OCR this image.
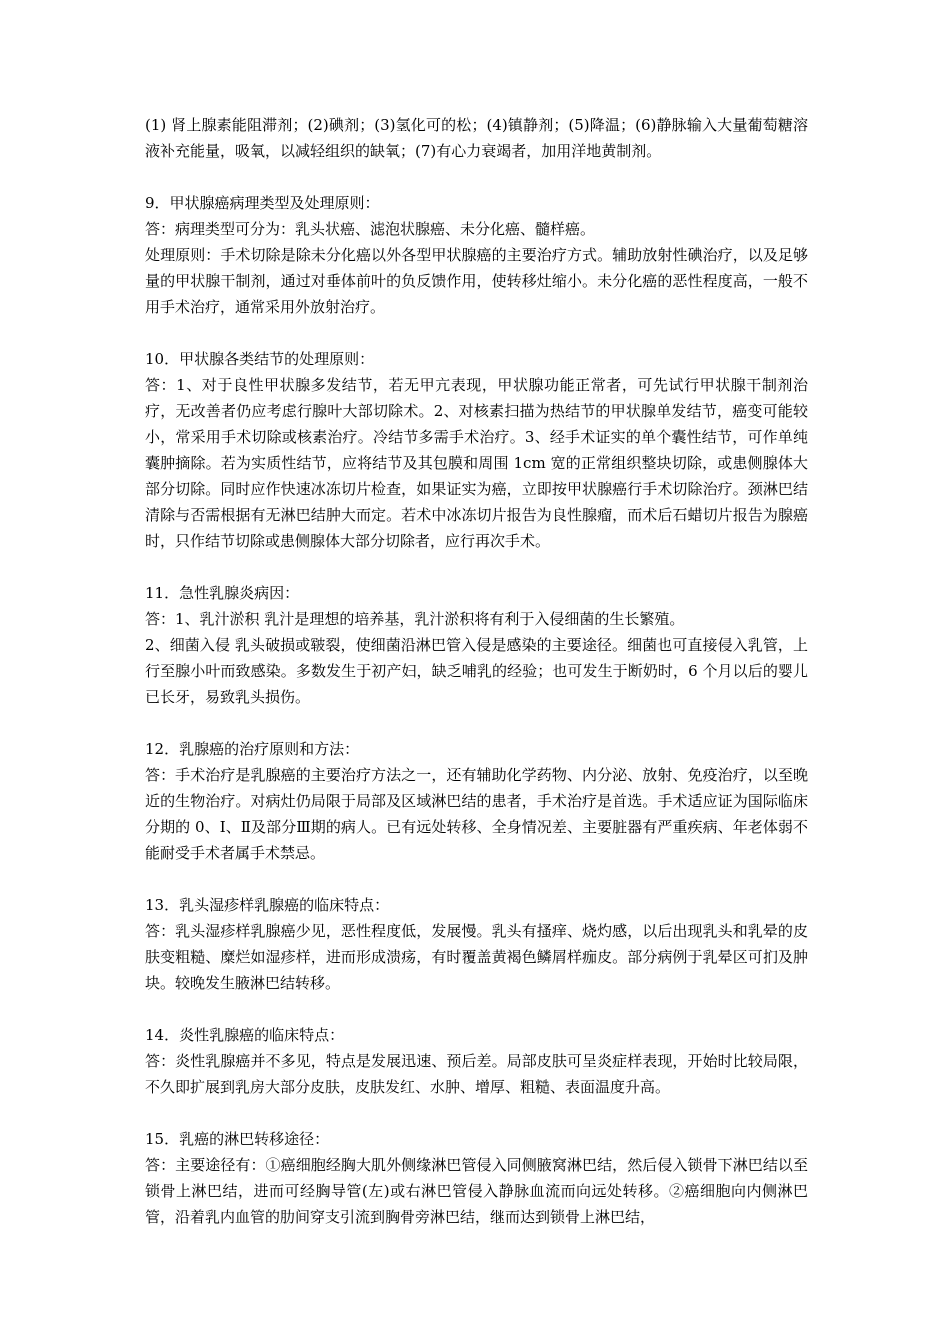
(1) 肾上腺素能阻滞剂；(2)碘剂；(3)氢化可的松；(4)镇静剂；(5)降温；(6)静脉输入大量葡萄糖溶液补充能量，吸氧，以减轻组织的缺氧；(7)有心力衰竭者，加用洋地黄制剂。
9．甲状腺癌病理类型及处理原则：
答：病理类型可分为：乳头状癌、滤泡状腺癌、未分化癌、髓样癌。
处理原则：手术切除是除未分化癌以外各型甲状腺癌的主要治疗方式。辅助放射性碘治疗，以及足够量的甲状腺干制剂，通过对垂体前叶的负反馈作用，使转移灶缩小。未分化癌的恶性程度高，一般不用手术治疗，通常采用外放射治疗。
10．甲状腺各类结节的处理原则：
答：1、对于良性甲状腺多发结节，若无甲亢表现，甲状腺功能正常者，可先试行甲状腺干制剂治疗，无改善者仍应考虑行腺叶大部切除术。2、对核素扫描为热结节的甲状腺单发结节，癌变可能较小，常采用手术切除或核素治疗。冷结节多需手术治疗。3、经手术证实的单个囊性结节，可作单纯囊肿摘除。若为实质性结节，应将结节及其包膜和周围 1cm 宽的正常组织整块切除，或患侧腺体大部分切除。同时应作快速冰冻切片检查，如果证实为癌，立即按甲状腺癌行手术切除治疗。颈淋巴结清除与否需根据有无淋巴结肿大而定。若术中冰冻切片报告为良性腺瘤，而术后石蜡切片报告为腺癌时，只作结节切除或患侧腺体大部分切除者，应行再次手术。
11．急性乳腺炎病因：
答：1、乳汁淤积 乳汁是理想的培养基，乳汁淤积将有利于入侵细菌的生长繁殖。
2、细菌入侵 乳头破损或皲裂，使细菌沿淋巴管入侵是感染的主要途径。细菌也可直接侵入乳管，上行至腺小叶而致感染。多数发生于初产妇，缺乏哺乳的经验；也可发生于断奶时，6 个月以后的婴儿已长牙，易致乳头损伤。
12．乳腺癌的治疗原则和方法：
答：手术治疗是乳腺癌的主要治疗方法之一，还有辅助化学药物、内分泌、放射、免疫治疗，以至晚近的生物治疗。对病灶仍局限于局部及区域淋巴结的患者，手术治疗是首选。手术适应证为国际临床分期的 0、Ⅰ、Ⅱ及部分Ⅲ期的病人。已有远处转移、全身情况差、主要脏器有严重疾病、年老体弱不能耐受手术者属手术禁忌。
13．乳头湿疹样乳腺癌的临床特点：
答：乳头湿疹样乳腺癌少见，恶性程度低，发展慢。乳头有搔痒、烧灼感，以后出现乳头和乳晕的皮肤变粗糙、糜烂如湿疹样，进而形成溃疡，有时覆盖黄褐色鳞屑样痂皮。部分病例于乳晕区可扪及肿块。较晚发生腋淋巴结转移。
14．炎性乳腺癌的临床特点：
答：炎性乳腺癌并不多见，特点是发展迅速、预后差。局部皮肤可呈炎症样表现，开始时比较局限，不久即扩展到乳房大部分皮肤，皮肤发红、水肿、增厚、粗糙、表面温度升高。
15．乳癌的淋巴转移途径：
答：主要途径有：①癌细胞经胸大肌外侧缘淋巴管侵入同侧腋窝淋巴结，然后侵入锁骨下淋巴结以至锁骨上淋巴结，进而可经胸导管(左)或右淋巴管侵入静脉血流而向远处转移。②癌细胞向内侧淋巴管，沿着乳内血管的肋间穿支引流到胸骨旁淋巴结，继而达到锁骨上淋巴结，
